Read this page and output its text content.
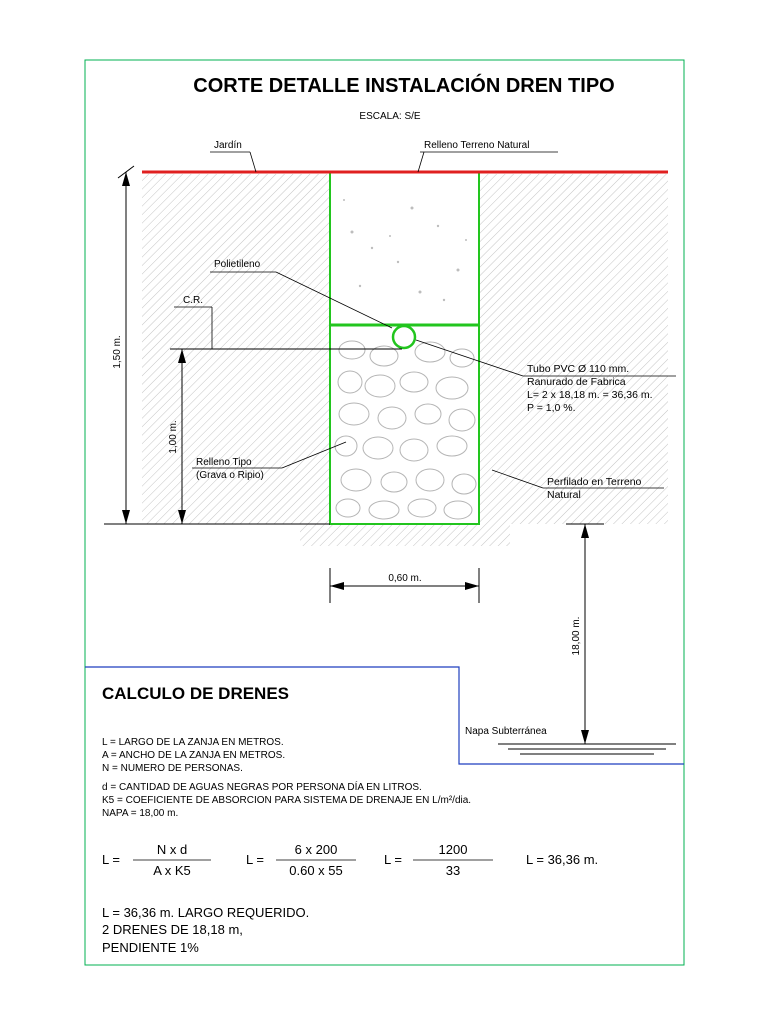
CORTE DETALLE INSTALACIÓN DREN TIPO
ESCALA: S/E
Jardín	Relleno Terreno Natural
Polietileno
C.R.
Tubo PVC Ø 110 mm.
Ranurado de Fabrica
L= 2 x 18,18 m. = 36,36 m.
P = 1,0 %.
Relleno Tipo
(Grava o Ripio)
Perfilado en Terreno
Natural
1,50 m.
1,00 m.
0,60 m.
18,00 m.
Napa Subterránea
CALCULO DE DRENES
L = LARGO DE LA ZANJA EN METROS.
A = ANCHO DE LA ZANJA EN METROS.
N = NUMERO DE PERSONAS.
d = CANTIDAD DE AGUAS NEGRAS POR PERSONA DÍA EN LITROS.
K5 = COEFICIENTE DE ABSORCION PARA SISTEMA DE DRENAJE EN L/m²/dia.
NAPA = 18,00 m.
L =
N x d
A x K5
L =
6 x 200
0.60 x 55
L =
1200
33
L = 36,36 m.
L = 36,36 m. LARGO REQUERIDO.
2 DRENES DE 18,18 m,
PENDIENTE 1%
